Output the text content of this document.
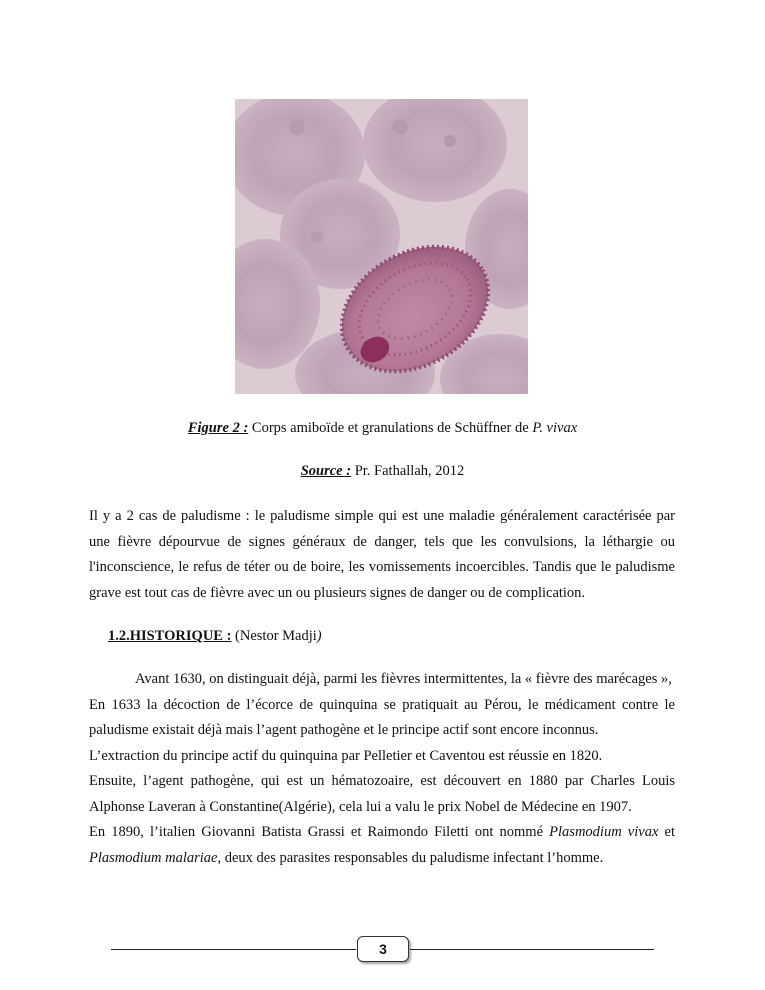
Figure 2 : Corps amiboïde et granulations de Schüffner de P. vivax
Source : Pr. Fathallah, 2012
Il y a 2 cas de paludisme : le paludisme simple qui est une maladie généralement caractérisée par une fièvre dépourvue de signes généraux de danger, tels que les convulsions, la léthargie ou l'inconscience, le refus de téter ou de boire, les vomissements incoercibles. Tandis que le paludisme grave est tout cas de fièvre avec un ou plusieurs signes de danger ou de complication.
1.2.HISTORIQUE : (Nestor Madji)

Avant 1630, on distinguait déjà, parmi les fièvres intermittentes, la « fièvre des marécages »,

En 1633 la décoction de l’écorce de quinquina se pratiquait au Pérou, le médicament contre le paludisme existait déjà mais l’agent pathogène et le principe actif sont encore inconnus.

L’extraction du principe actif du quinquina par Pelletier et Caventou est réussie en 1820.

Ensuite, l’agent pathogène, qui est un hématozoaire, est découvert en 1880 par Charles Louis Alphonse Laveran à Constantine(Algérie), cela lui a valu le prix Nobel de Médecine en 1907.

En 1890, l’italien Giovanni Batista Grassi et Raimondo Filetti ont nommé Plasmodium vivax et Plasmodium malariae, deux des parasites responsables du paludisme infectant l’homme.

3
